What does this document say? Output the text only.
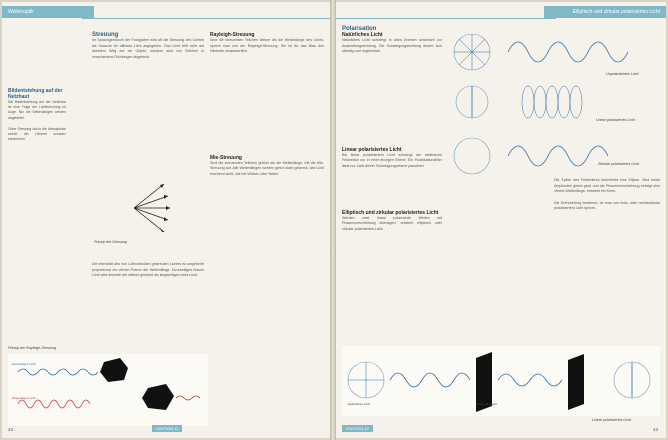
Wellenoptik
Bildentstehung auf der Netzhaut
Die Bildentstehung auf der Netzhaut ist eine Folge der Lichtbrechung im Auge. Nur die Wellenlängen werden abgebildet.
Ohne Streuung durch die Atmosphäre würde der Himmel schwarz erscheinen.
Streuung
Im Sprachgebrauch der Fotografen wird oft die Streuung des Lichtes als Ursache für diffuses Licht angegeben. Das Licht trifft nicht auf direktem Weg auf ein Objekt, sondern wird von Teilchen in verschiedene Richtungen abgelenkt.
Prinzip der Streuung
Die Intensität des von Luftmolekülen gestreuten Lichtes ist umgekehrt proportional zur vierten Potenz der Wellenlänge. Kurzwelliges blaues Licht wird deshalb viel stärker gestreut als langwelliges rotes Licht.
Rayleigh-Streuung
Sind die streuenden Teilchen kleiner als die Wellenlänge des Lichts, spricht man von der Rayleigh-Streuung. Sie ist für das Blau des Himmels verantwortlich.
Mie-Streuung
Sind die streuenden Teilchen größer als die Wellenlänge, tritt die Mie-Streuung auf. Alle Wellenlängen werden gleich stark gestreut, das Licht erscheint weiß, wie bei Wolken oder Nebel.
Prinzip der Rayleigh-Streuung
kurzwelliges Licht
langwelliges Licht
42	LEKTION 11
Elliptisch und zirkular polarisiertes Licht
Polarisation
Natürliches Licht
Natürliches Licht schwingt in allen Ebenen senkrecht zur Ausbreitungsrichtung. Die Schwingungsrichtung ändert sich ständig und ungeordnet.
Linear polarisiertes Licht
Bei linear polarisiertem Licht schwingt der elektrische Feldvektor nur in einer einzigen Ebene. Ein Polarisationsfilter lässt nur Licht dieser Schwingungsebene passieren.
Elliptisch und zirkular polarisiertes Licht
Werden zwei linear polarisierte Wellen mit Phasenverschiebung überlagert, entsteht elliptisch oder zirkular polarisiertes Licht.
Unpolarisiertes Licht
Linear polarisiertes Licht
Zirkular polarisiertes Licht
Die Spitze des Feldvektors beschreibt eine Ellipse. Sind beide Amplituden gleich groß und die Phasenverschiebung beträgt eine Viertel-Wellenlänge, entsteht ein Kreis.
Die Drehrichtung bestimmt, ob man von links- oder rechtszirkular polarisiertem Licht spricht.
Natürliches Licht	linear polarisiert
Linear polarisiertes Licht
LEKTION 12	43
